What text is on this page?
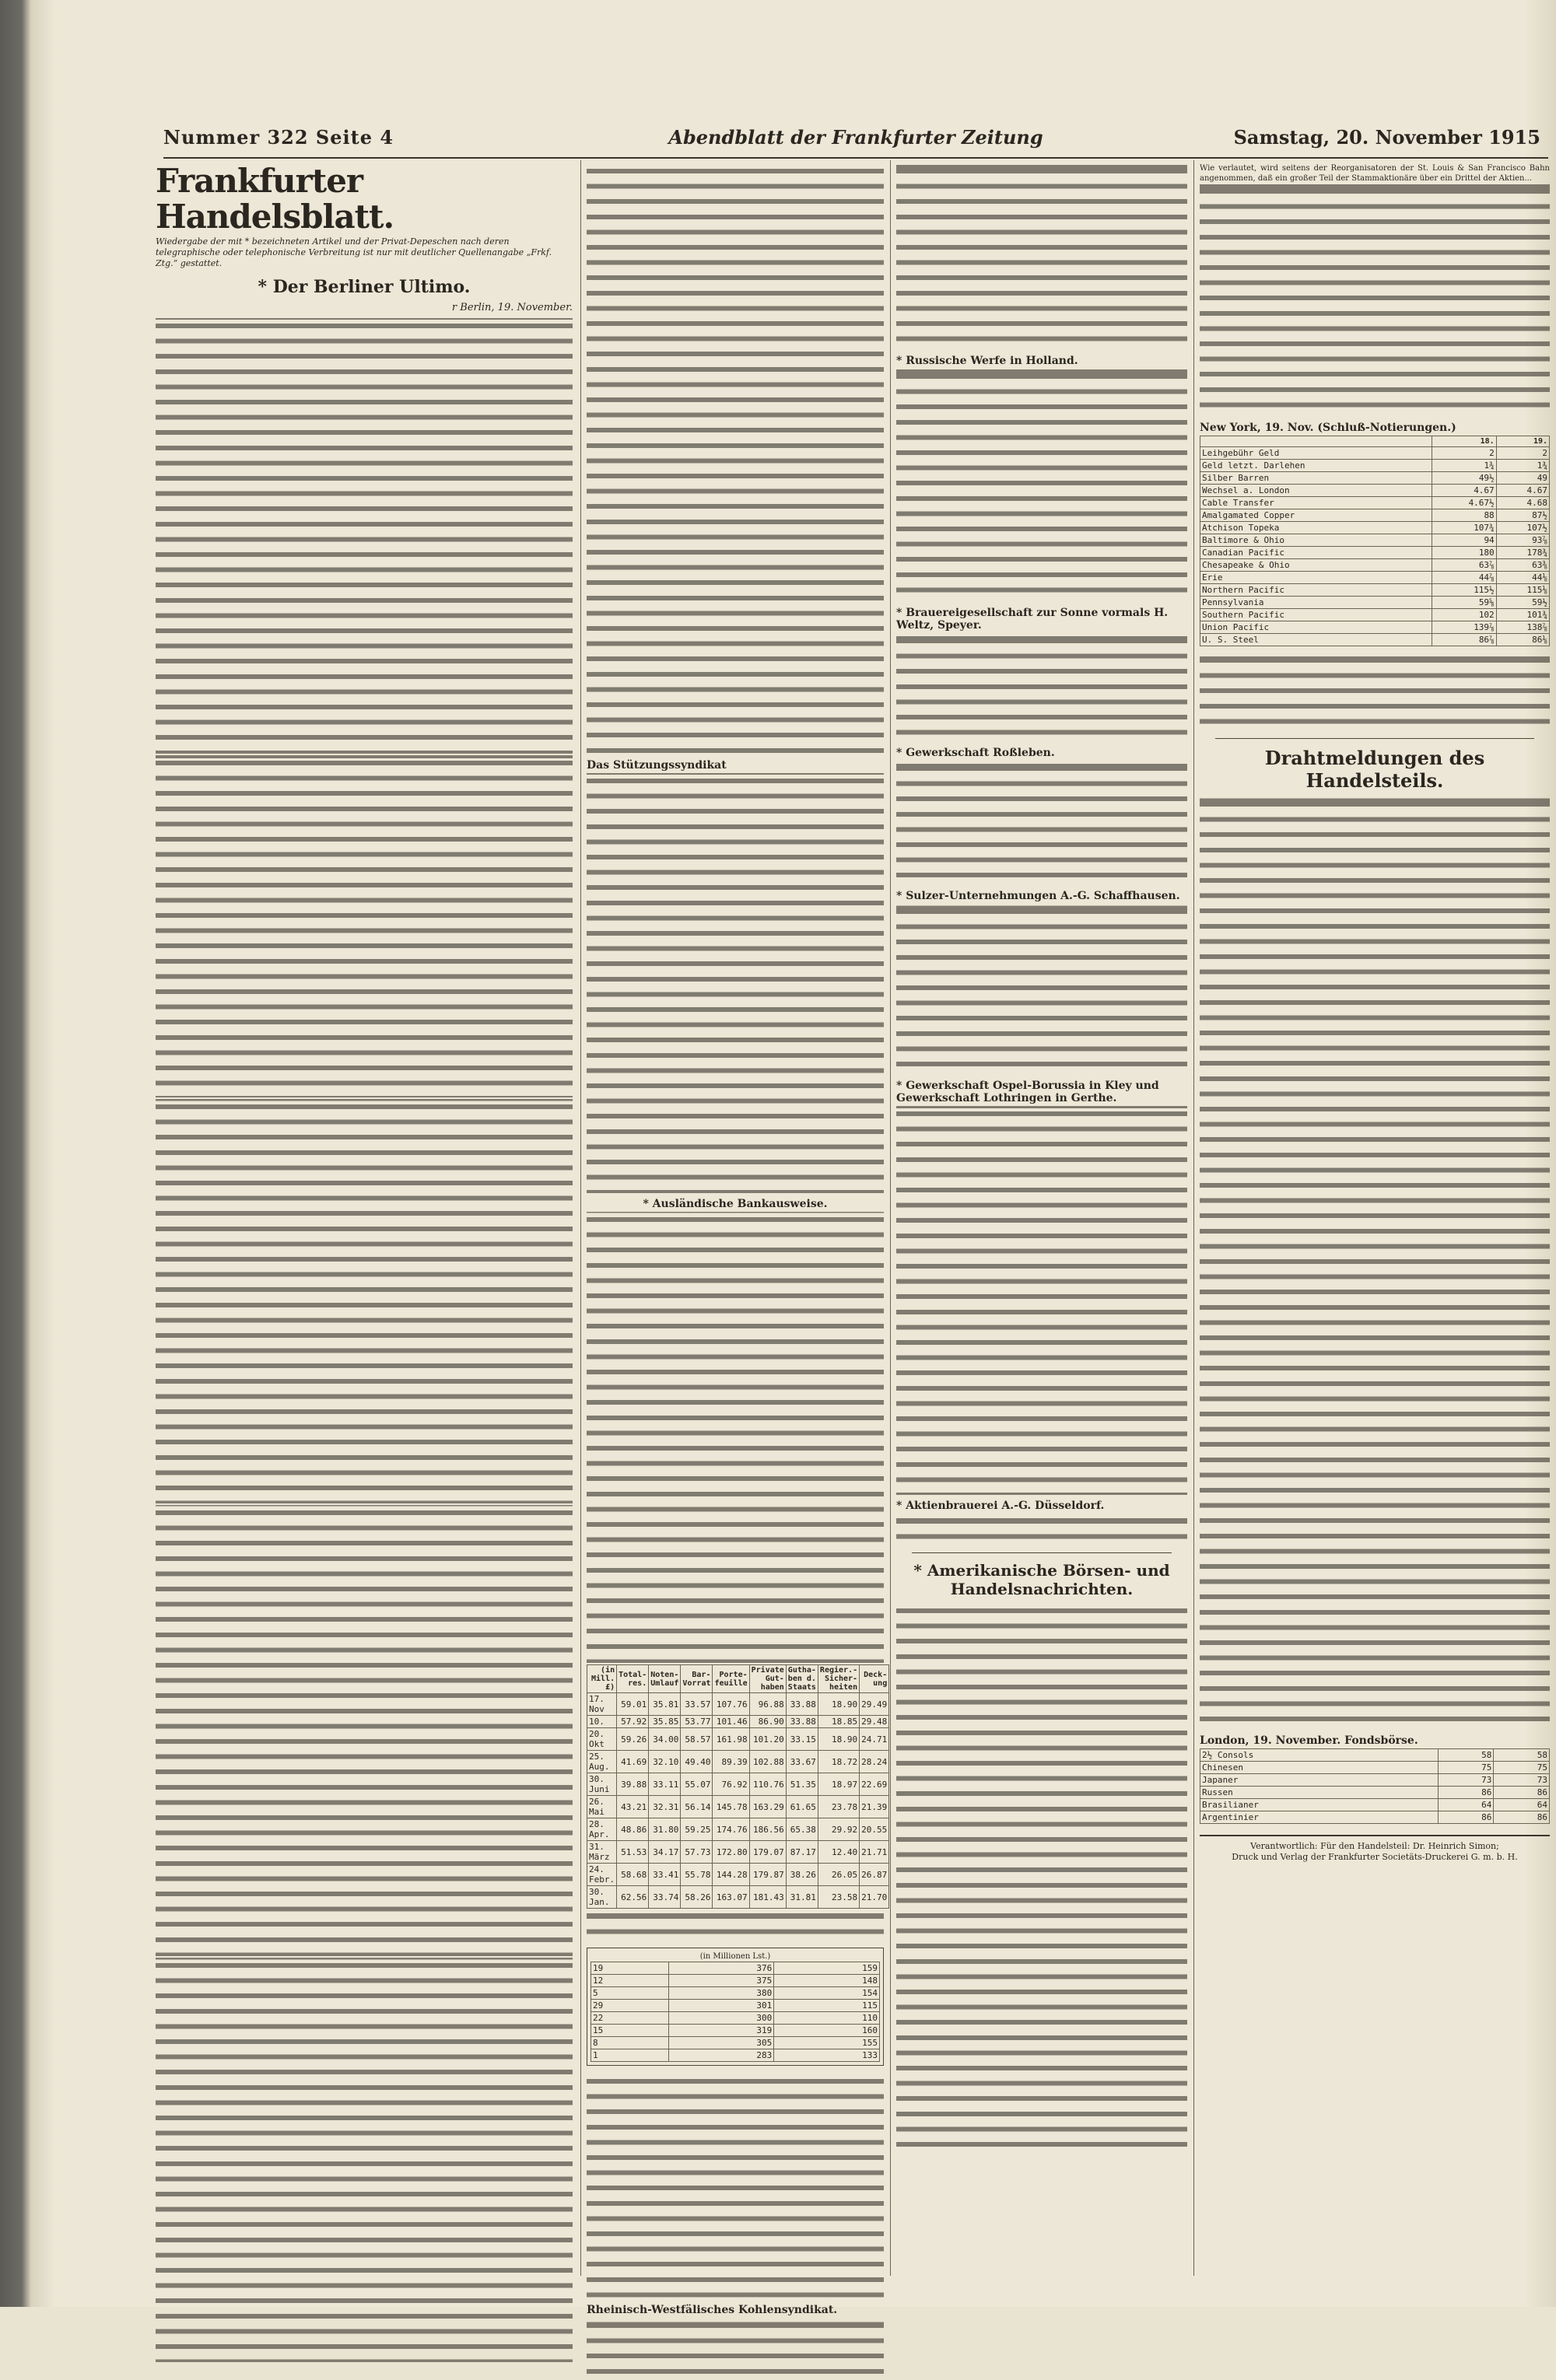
Nummer 322 Seite 4	Abendblatt der Frankfurter Zeitung	Samstag, 20. November 1915
Frankfurter Handelsblatt.
Wiedergabe der mit * bezeichneten Artikel und der Privat-Depeschen nach deren telegraphische oder telephonische Verbreitung ist nur mit deutlicher Quellenangabe „Frkf. Ztg.“ gestattet.
* Der Berliner Ultimo.
r Berlin, 19. November.
Das Stützungssyndikat
* Ausländische Bankausweise.
(in Mill. £)	Total-res.	Noten-Umlauf	Bar-Vorrat	Porte-feuille	Private Gut-haben	Gutha-ben d. Staats	Regier.-Sicher-heiten	Deck-ung
17. Nov	59.01	35.81	33.57	107.76	96.88	33.88	18.90	29.49
10.	57.92	35.85	53.77	101.46	86.90	33.88	18.85	29.48
20. Okt	59.26	34.00	58.57	161.98	101.20	33.15	18.90	24.71
25. Aug.	41.69	32.10	49.40	89.39	102.88	33.67	18.72	28.24
30. Juni	39.88	33.11	55.07	76.92	110.76	51.35	18.97	22.69
26. Mai	43.21	32.31	56.14	145.78	163.29	61.65	23.78	21.39
28. Apr.	48.86	31.80	59.25	174.76	186.56	65.38	29.92	20.55
31. März	51.53	34.17	57.73	172.80	179.07	87.17	12.40	21.71
24. Febr.	58.68	33.41	55.78	144.28	179.87	38.26	26.05	26.87
30. Jan.	62.56	33.74	58.26	163.07	181.43	31.81	23.58	21.70
(in Millionen Lst.)
19	376	159
12	375	148
5	380	154
29	301	115
22	300	110
15	319	160
8	305	155
1	283	133
Rheinisch-Westfälisches Kohlensyndikat.
* Russische Werfe in Holland.
* Brauereigesellschaft zur Sonne vormals H. Weltz, Speyer.
* Gewerkschaft Roßleben.
* Sulzer-Unternehmungen A.-G. Schaffhausen.
* Gewerkschaft Ospel-Borussia in Kley und Gewerkschaft Lothringen in Gerthe.
* Aktienbrauerei A.-G. Düsseldorf.
* Amerikanische Börsen- und Handelsnachrichten.
Wie verlautet, wird seitens der Reorganisatoren der St. Louis & San Francisco Bahn angenommen, daß ein großer Teil der Stammaktionäre über ein Drittel der Aktien...
New York, 19. Nov. (Schluß-Notierungen.)
	18.	19.
Leihgebühr Geld	2	2
Geld letzt. Darlehen	1¾	1¾
Silber Barren	49½	49
Wechsel a. London	4.67	4.67
Cable Transfer	4.67½	4.68
Amalgamated Copper	88	87½
Atchison Topeka	107¾	107½
Baltimore & Ohio	94	93⅞
Canadian Pacific	180	178¾
Chesapeake & Ohio	63⅞	63⅜
Erie	44⅞	44⅛
Northern Pacific	115½	115⅛
Pennsylvania	59⅝	59½
Southern Pacific	102	101¾
Union Pacific	139⅞	138⅞
U. S. Steel	86⅞	86⅛
Drahtmeldungen des Handelsteils.
London, 19. November. Fondsbörse.
2½ Consols	58	58
Chinesen	75	75
Japaner	73	73
Russen	86	86
Brasilianer	64	64
Argentinier	86	86
Verantwortlich: Für den Handelsteil: Dr. Heinrich Simon;
Druck und Verlag der Frankfurter Societäts-Druckerei G. m. b. H.
